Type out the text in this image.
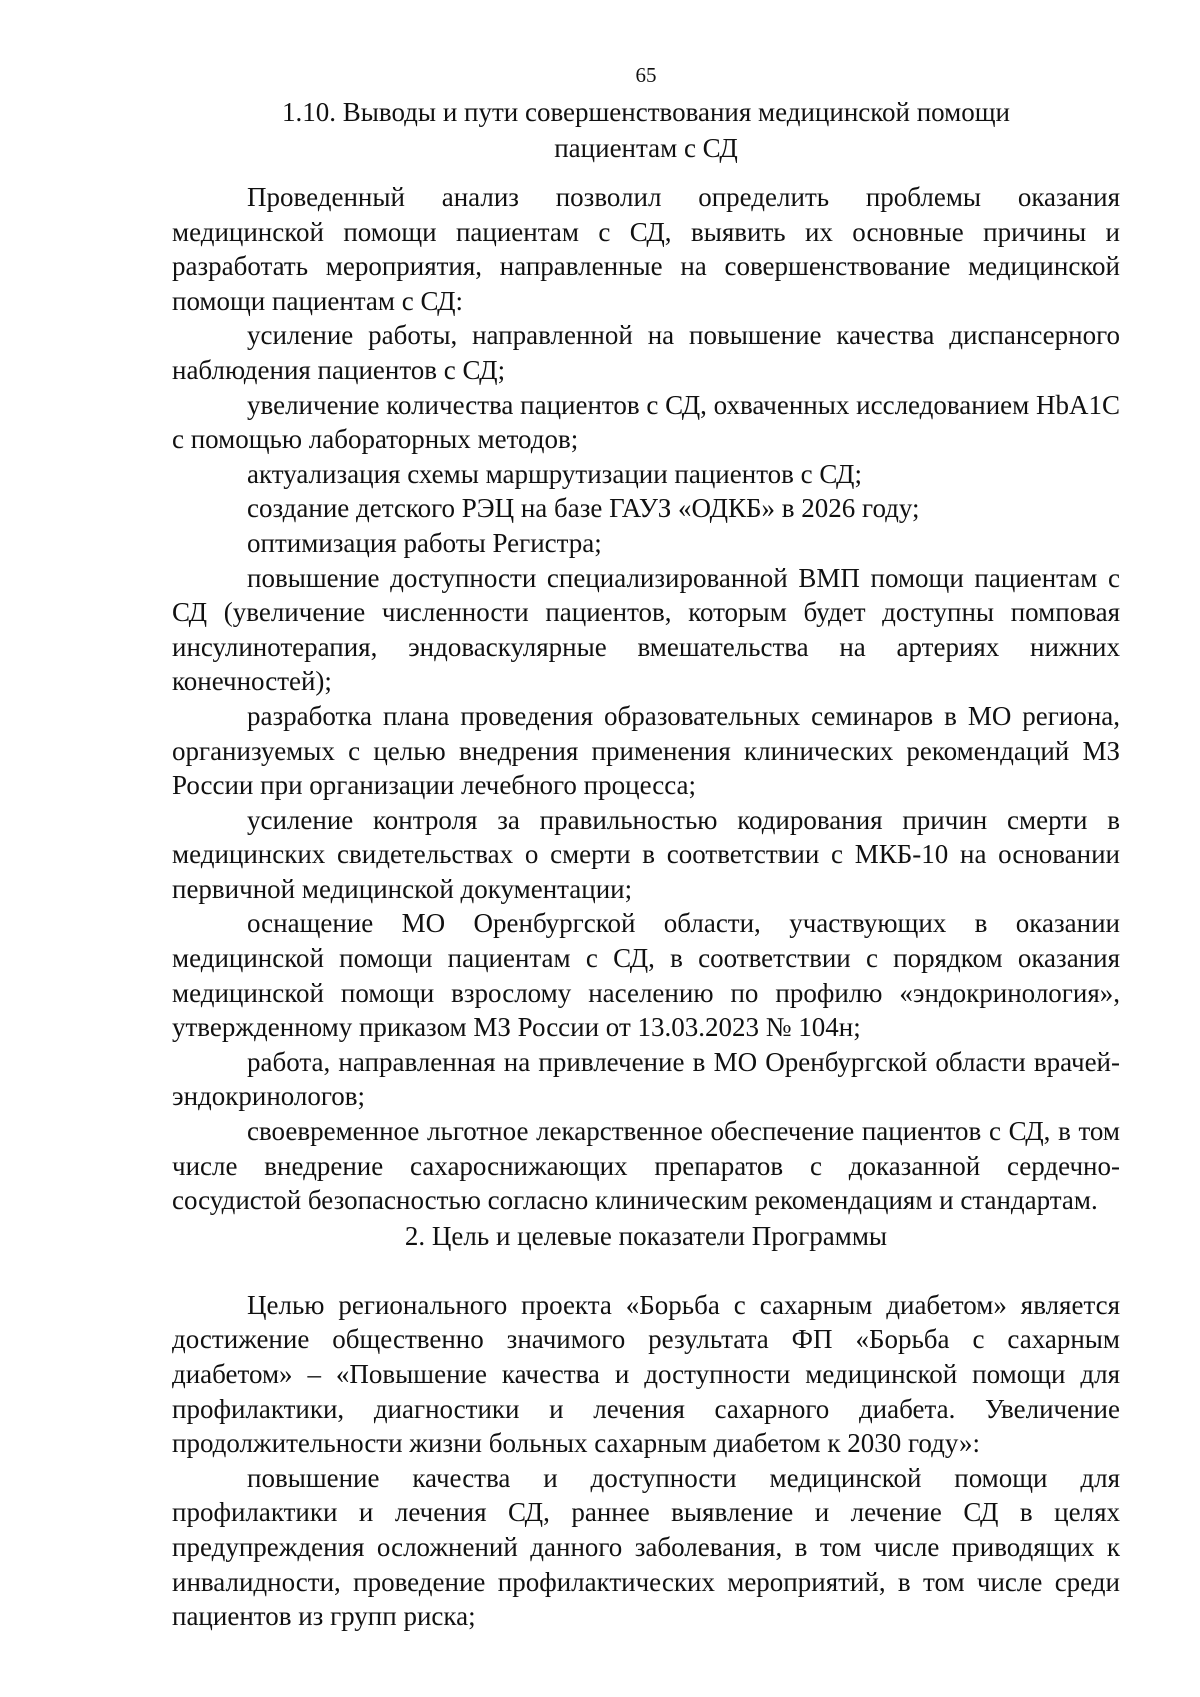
65
1.10. Выводы и пути совершенствования медицинской помощи
пациентам с СД

Проведенный анализ позволил определить проблемы оказания медицинской помощи пациентам с СД, выявить их основные причины и разработать мероприятия, направленные на совершенствование медицинской помощи пациентам с СД:

усиление работы, направленной на повышение качества диспансерного наблюдения пациентов с СД;

увеличение количества пациентов с СД, охваченных исследованием HbA1C с помощью лабораторных методов;

актуализация схемы маршрутизации пациентов с СД;

создание детского РЭЦ на базе ГАУЗ «ОДКБ» в 2026 году;

оптимизация работы Регистра;

повышение доступности специализированной ВМП помощи пациентам с СД (увеличение численности пациентов, которым будет доступны помповая инсулинотерапия, эндоваскулярные вмешательства на артериях нижних конечностей);

разработка плана проведения образовательных семинаров в МО региона, организуемых с целью внедрения применения клинических рекомендаций МЗ России при организации лечебного процесса;

усиление контроля за правильностью кодирования причин смерти в медицинских свидетельствах о смерти в соответствии с МКБ-10 на основании первичной медицинской документации;

оснащение МО Оренбургской области, участвующих в оказании медицинской помощи пациентам с СД, в соответствии с порядком оказания медицинской помощи взрослому населению по профилю «эндокринология», утвержденному приказом МЗ России от 13.03.2023 № 104н;

работа, направленная на привлечение в МО Оренбургской области врачей-эндокринологов;

своевременное льготное лекарственное обеспечение пациентов с СД, в том числе внедрение сахароснижающих препаратов с доказанной сердечно-сосудистой безопасностью согласно клиническим рекомендациям и стандартам.

2. Цель и целевые показатели Программы

Целью регионального проекта «Борьба с сахарным диабетом» является достижение общественно значимого результата ФП «Борьба с сахарным диабетом» – «Повышение качества и доступности медицинской помощи для профилактики, диагностики и лечения сахарного диабета. Увеличение продолжительности жизни больных сахарным диабетом к 2030 году»:

повышение качества и доступности медицинской помощи для профилактики и лечения СД, раннее выявление и лечение СД в целях предупреждения осложнений данного заболевания, в том числе приводящих к инвалидности, проведение профилактических мероприятий, в том числе среди пациентов из групп риска;
